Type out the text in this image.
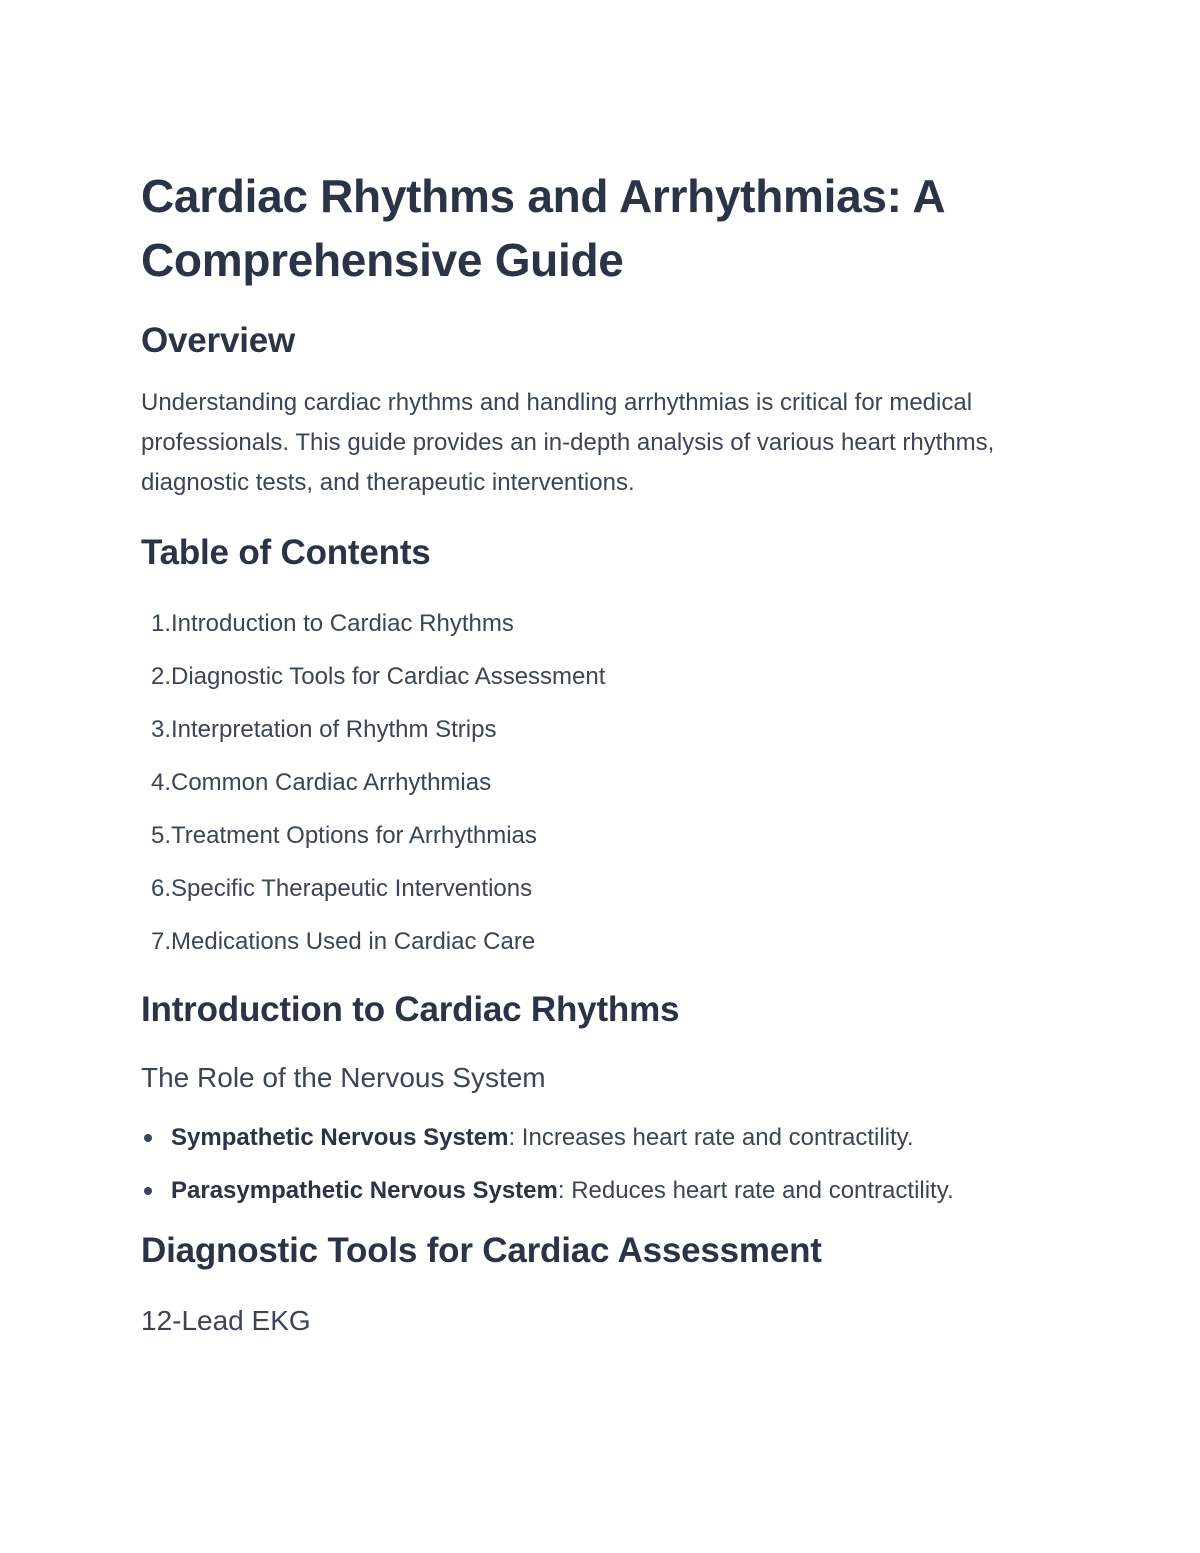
Cardiac Rhythms and Arrhythmias: A Comprehensive Guide
Overview

Understanding cardiac rhythms and handling arrhythmias is critical for medical professionals. This guide provides an in-depth analysis of various heart rhythms, diagnostic tests, and therapeutic interventions.

Table of Contents
1. Introduction to Cardiac Rhythms
2. Diagnostic Tools for Cardiac Assessment
3. Interpretation of Rhythm Strips
4. Common Cardiac Arrhythmias
5. Treatment Options for Arrhythmias
6. Specific Therapeutic Interventions
7. Medications Used in Cardiac Care
Introduction to Cardiac Rhythms
The Role of the Nervous System
Sympathetic Nervous System: Increases heart rate and contractility.
Parasympathetic Nervous System: Reduces heart rate and contractility.
Diagnostic Tools for Cardiac Assessment
12-Lead EKG
